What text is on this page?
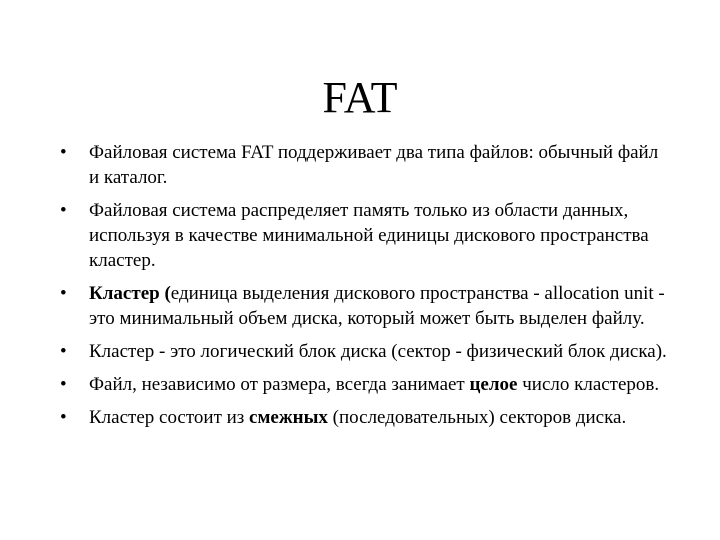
FAT
• Файловая система FAT поддерживает два типа файлов: обычный файл и каталог.
• Файловая система распределяет память только из области данных, используя в качестве минимальной единицы дискового пространства кластер.
• Кластер (единица выделения дискового пространства - allocation unit - это минимальный объем диска, который может быть выделен файлу.
• Кластер - это логический блок диска (сектор - физический блок диска).
• Файл, независимо от размера, всегда занимает целое число кластеров.
• Кластер состоит из смежных (последовательных) секторов диска.
